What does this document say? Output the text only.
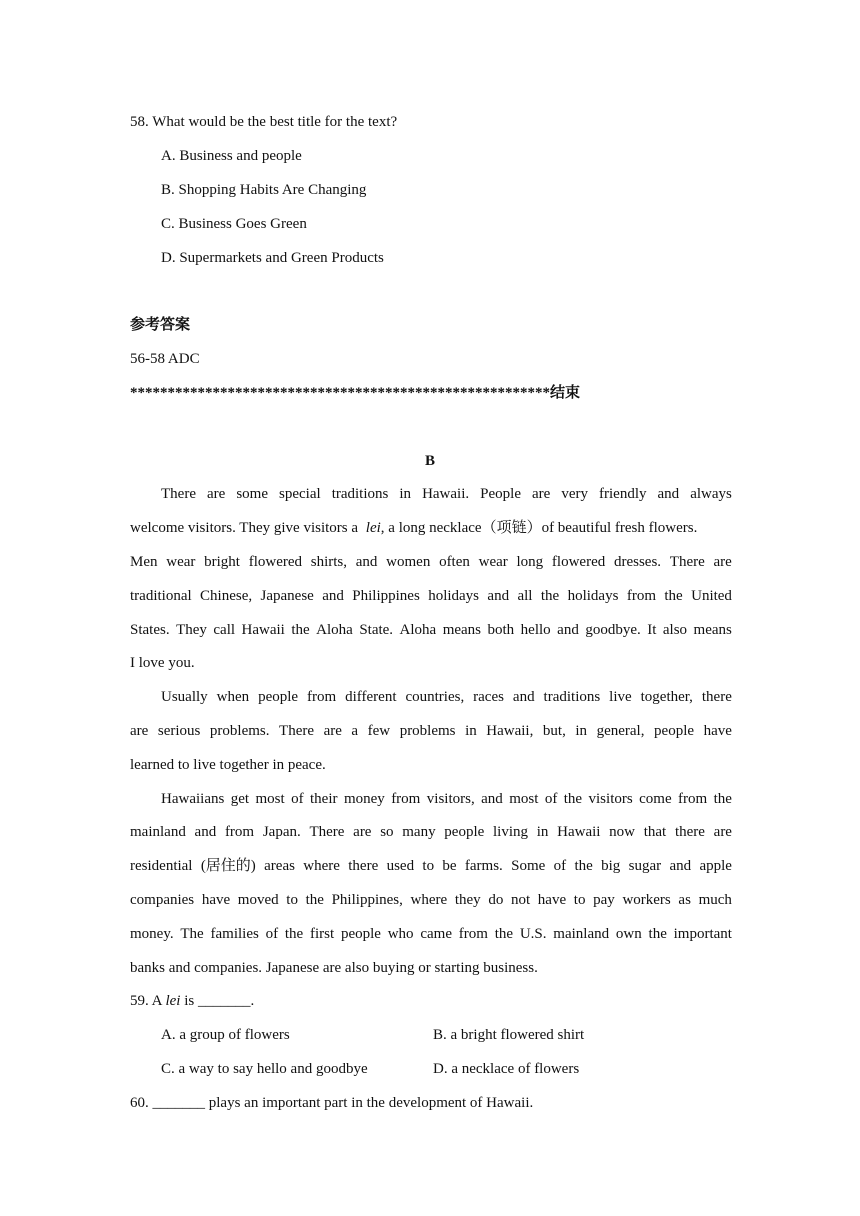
58. What would be the best title for the text?
A. Business and people
B. Shopping Habits Are Changing
C. Business Goes Green
D. Supermarkets and Green Products
参考答案
56-58 ADC
********************************************************结束
B
There are some special traditions in Hawaii. People are very friendly and always
welcome visitors. They give visitors a lei, a long necklace（项链）of beautiful fresh flowers.
Men wear bright flowered shirts, and women often wear long flowered dresses. There are
traditional Chinese, Japanese and Philippines holidays and all the holidays from the United
States. They call Hawaii the Aloha State. Aloha means both hello and goodbye. It also means
I love you.
Usually when people from different countries, races and traditions live together, there
are serious problems. There are a few problems in Hawaii, but, in general, people have
learned to live together in peace.
Hawaiians get most of their money from visitors, and most of the visitors come from the
mainland and from Japan. There are so many people living in Hawaii now that there are
residential (居住的) areas where there used to be farms. Some of the big sugar and apple
companies have moved to the Philippines, where they do not have to pay workers as much
money. The families of the first people who came from the U.S. mainland own the important
banks and companies. Japanese are also buying or starting business.
59. A lei is _______.
A. a group of flowers	B. a bright flowered shirt
C. a way to say hello and goodbye	D. a necklace of flowers
60. _______ plays an important part in the development of Hawaii.
